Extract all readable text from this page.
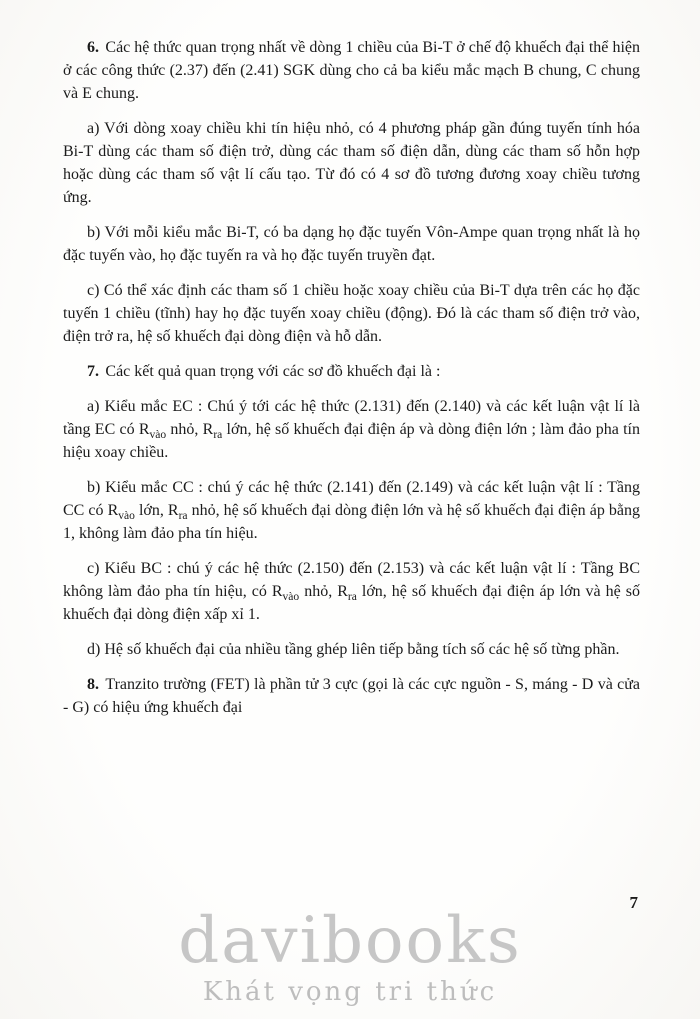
davibooks
Khát vọng tri thức

6. Các hệ thức quan trọng nhất về dòng 1 chiều của Bi-T ở chế độ khuếch đại thể hiện ở các công thức (2.37) đến (2.41) SGK dùng cho cả ba kiểu mắc mạch B chung, C chung và E chung.

a) Với dòng xoay chiều khi tín hiệu nhỏ, có 4 phương pháp gần đúng tuyến tính hóa Bi-T dùng các tham số điện trở, dùng các tham số điện dẫn, dùng các tham số hỗn hợp hoặc dùng các tham số vật lí cấu tạo. Từ đó có 4 sơ đồ tương đương xoay chiều tương ứng.

b) Với mỗi kiểu mắc Bi-T, có ba dạng họ đặc tuyến Vôn-Ampe quan trọng nhất là họ đặc tuyến vào, họ đặc tuyến ra và họ đặc tuyến truyền đạt.

c) Có thể xác định các tham số 1 chiều hoặc xoay chiều của Bi-T dựa trên các họ đặc tuyến 1 chiều (tĩnh) hay họ đặc tuyến xoay chiều (động). Đó là các tham số điện trở vào, điện trở ra, hệ số khuếch đại dòng điện và hỗ dẫn.

7. Các kết quả quan trọng với các sơ đồ khuếch đại là :

a) Kiểu mắc EC : Chú ý tới các hệ thức (2.131) đến (2.140) và các kết luận vật lí là tầng EC có $R_{vào}$ nhỏ, $R_{ra}$ lớn, hệ số khuếch đại điện áp và dòng điện lớn ; làm đảo pha tín hiệu xoay chiều.

b) Kiểu mắc CC : chú ý các hệ thức (2.141) đến (2.149) và các kết luận vật lí : Tầng CC có $R_{vào}$ lớn, $R_{ra}$ nhỏ, hệ số khuếch đại dòng điện lớn và hệ số khuếch đại điện áp bằng 1, không làm đảo pha tín hiệu.

c) Kiểu BC : chú ý các hệ thức (2.150) đến (2.153) và các kết luận vật lí : Tầng BC không làm đảo pha tín hiệu, có $R_{vào}$ nhỏ, $R_{ra}$ lớn, hệ số khuếch đại điện áp lớn và hệ số khuếch đại dòng điện xấp xỉ 1.

d) Hệ số khuếch đại của nhiều tầng ghép liên tiếp bằng tích số các hệ số từng phần.

8. Tranzito trường (FET) là phần tử 3 cực (gọi là các cực nguồn - S, máng - D và cửa - G) có hiệu ứng khuếch đại

7
